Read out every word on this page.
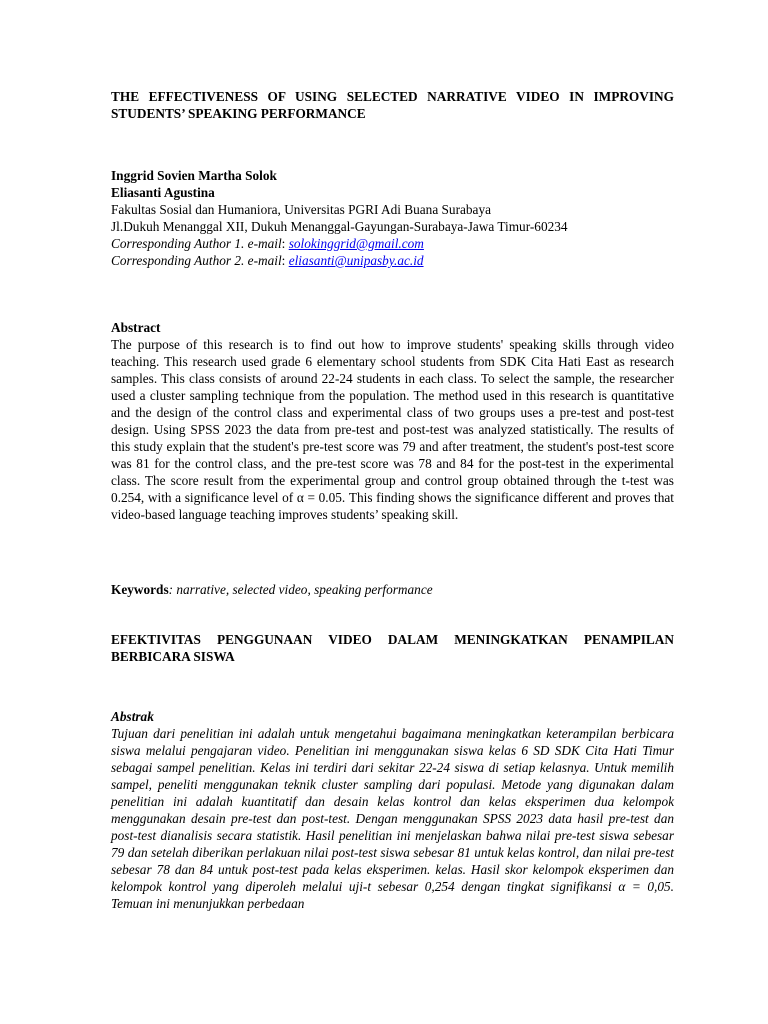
THE EFFECTIVENESS OF USING SELECTED NARRATIVE VIDEO IN IMPROVING STUDENTS’ SPEAKING PERFORMANCE

Inggrid Sovien Martha Solok
Eliasanti Agustina
Fakultas Sosial dan Humaniora, Universitas PGRI Adi Buana Surabaya
Jl.Dukuh Menanggal XII, Dukuh Menanggal-Gayungan-Surabaya-Jawa Timur-60234
Corresponding Author 1. e-mail: solokinggrid@gmail.com
Corresponding Author 2. e-mail: eliasanti@unipasby.ac.id

Abstract

The purpose of this research is to find out how to improve students' speaking skills through video teaching. This research used grade 6 elementary school students from SDK Cita Hati East as research samples. This class consists of around 22-24 students in each class. To select the sample, the researcher used a cluster sampling technique from the population. The method used in this research is quantitative and the design of the control class and experimental class of two groups uses a pre-test and post-test design. Using SPSS 2023 the data from pre-test and post-test was analyzed statistically. The results of this study explain that the student's pre-test score was 79 and after treatment, the student's post-test score was 81 for the control class, and the pre-test score was 78 and 84 for the post-test in the experimental class. The score result from the experimental group and control group obtained through the t-test was 0.254, with a significance level of α = 0.05. This finding shows the significance different and proves that video-based language teaching improves students’ speaking skill.

Keywords: narrative, selected video, speaking performance

EFEKTIVITAS PENGGUNAAN VIDEO DALAM MENINGKATKAN PENAMPILAN BERBICARA SISWA

Abstrak

Tujuan dari penelitian ini adalah untuk mengetahui bagaimana meningkatkan keterampilan berbicara siswa melalui pengajaran video. Penelitian ini menggunakan siswa kelas 6 SD SDK Cita Hati Timur sebagai sampel penelitian. Kelas ini terdiri dari sekitar 22-24 siswa di setiap kelasnya. Untuk memilih sampel, peneliti menggunakan teknik cluster sampling dari populasi. Metode yang digunakan dalam penelitian ini adalah kuantitatif dan desain kelas kontrol dan kelas eksperimen dua kelompok menggunakan desain pre-test dan post-test. Dengan menggunakan SPSS 2023 data hasil pre-test dan post-test dianalisis secara statistik. Hasil penelitian ini menjelaskan bahwa nilai pre-test siswa sebesar 79 dan setelah diberikan perlakuan nilai post-test siswa sebesar 81 untuk kelas kontrol, dan nilai pre-test sebesar 78 dan 84 untuk post-test pada kelas eksperimen. kelas. Hasil skor kelompok eksperimen dan kelompok kontrol yang diperoleh melalui uji-t sebesar 0,254 dengan tingkat signifikansi α = 0,05. Temuan ini menunjukkan perbedaan
